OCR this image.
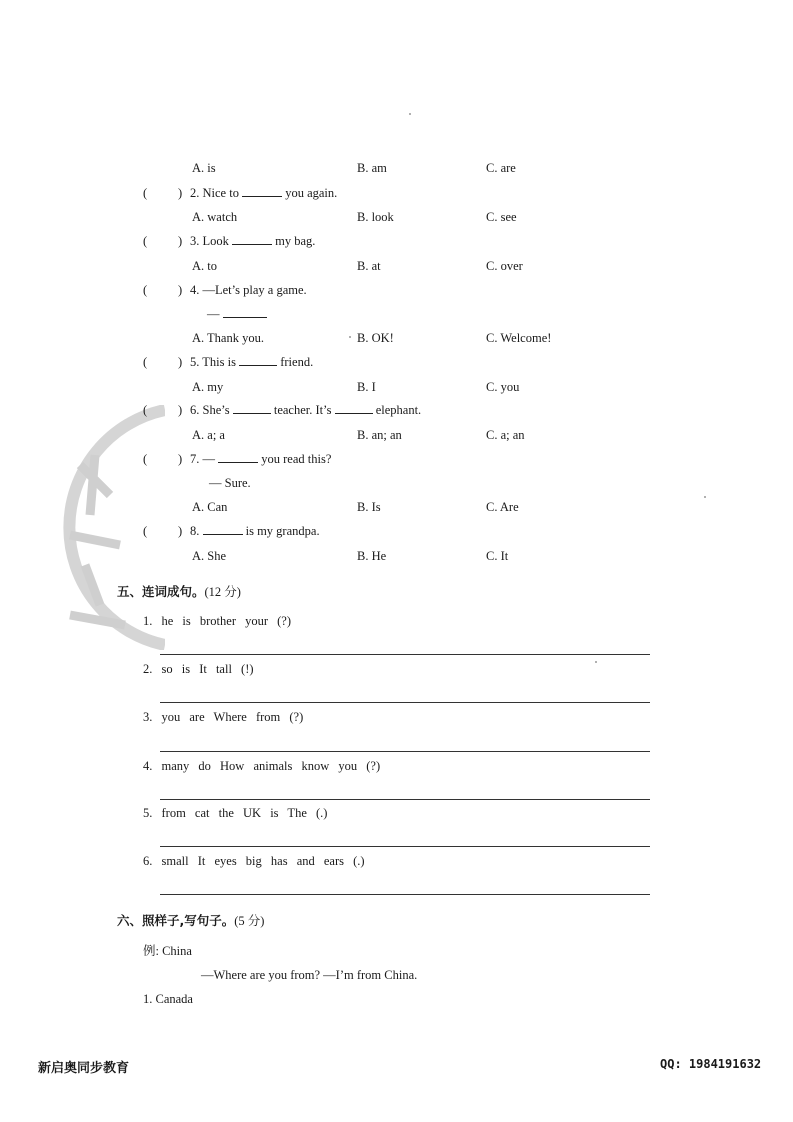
A. is	B. am	C. are
( ) 2. Nice to	you again.
A. watch	B. look	C. see
( ) 3. Look	my bag.
A. to	B. at	C. over
( ) 4. —Let’s play a game.
—
A. Thank you.	B. OK!	C. Welcome!
( ) 5. This is	friend.
A. my	B. I	C. you
( ) 6. She’s	teacher. It’s	elephant.
A. a; a	B. an; an	C. a; an
( ) 7. —	you read this?
— Sure.
A. Can	B. Is	C. Are
( ) 8.	is my grandpa.
A. She	B. He	C. It
五、连词成句。(12 分)
1. he is brother your (?)
2. so is It tall (!)
3. you are Where from (?)
4. many do How animals know you (?)
5. from cat the UK is The (.)
6. small It eyes big has and ears (.)
六、照样子,写句子。(5 分)
例: China
—Where are you from? —I’m from China.
1. Canada
新启奥同步教育	QQ: 1984191632
